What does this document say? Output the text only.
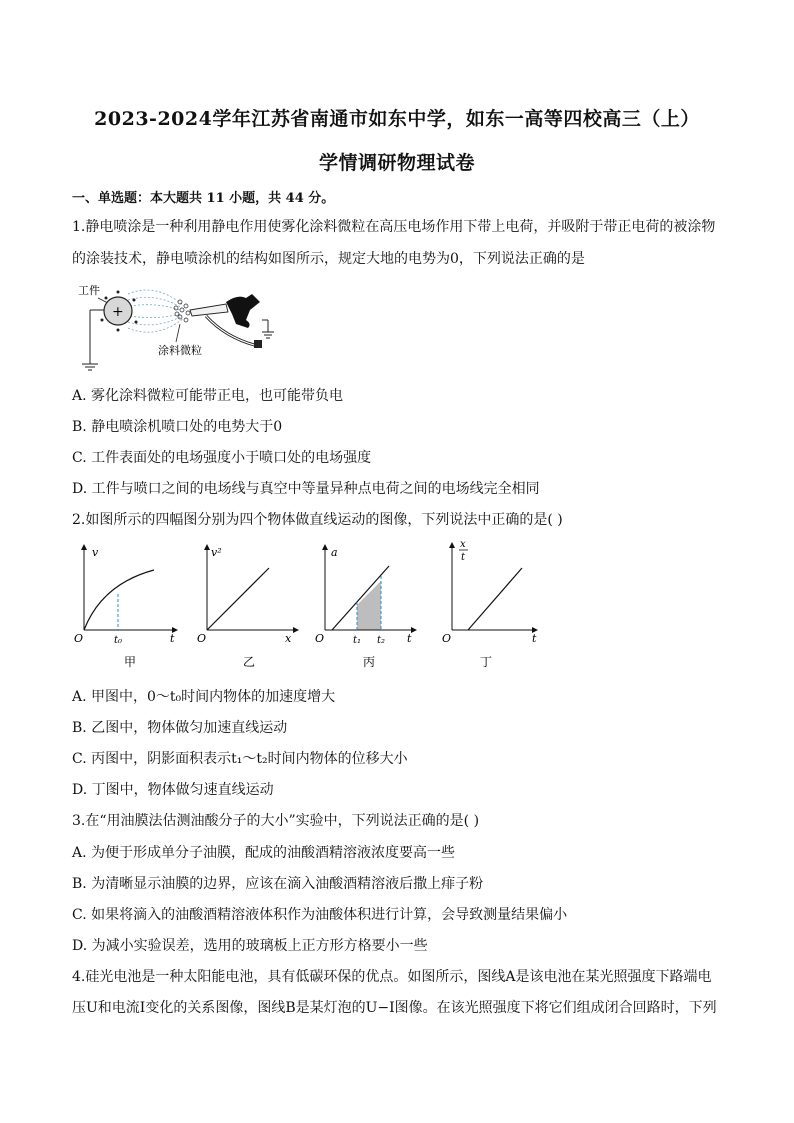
2023-2024学年江苏省南通市如东中学，如东一高等四校高三（上）
学情调研物理试卷
一、单选题：本大题共 11 小题，共 44 分。
1.静电喷涂是一种利用静电作用使雾化涂料微粒在高压电场作用下带上电荷，并吸附于带正电荷的被涂物
的涂装技术，静电喷涂机的结构如图所示，规定大地的电势为0，下列说法正确的是
工件
+
涂料微粒
A. 雾化涂料微粒可能带正电，也可能带负电
B. 静电喷涂机喷口处的电势大于0
C. 工件表面处的电场强度小于喷口处的电场强度
D. 工件与喷口之间的电场线与真空中等量异种点电荷之间的电场线完全相同
2.如图所示的四幅图分别为四个物体做直线运动的图像，下列说法中正确的是( )
v
t
O	t₀
甲
v²
x
O
乙
a
t
O	t₁ t₂
丙
x
t
t
O
丁
A. 甲图中，0～t₀时间内物体的加速度增大
B. 乙图中，物体做匀加速直线运动
C. 丙图中，阴影面积表示t₁～t₂时间内物体的位移大小
D. 丁图中，物体做匀速直线运动
3.在“用油膜法估测油酸分子的大小”实验中，下列说法正确的是( )
A. 为便于形成单分子油膜，配成的油酸酒精溶液浓度要高一些
B. 为清晰显示油膜的边界，应该在滴入油酸酒精溶液后撒上痱子粉
C. 如果将滴入的油酸酒精溶液体积作为油酸体积进行计算，会导致测量结果偏小
D. 为减小实验误差，选用的玻璃板上正方形方格要小一些
4.硅光电池是一种太阳能电池，具有低碳环保的优点。如图所示，图线A是该电池在某光照强度下路端电
压U和电流I变化的关系图像，图线B是某灯泡的U−I图像。在该光照强度下将它们组成闭合回路时，下列
